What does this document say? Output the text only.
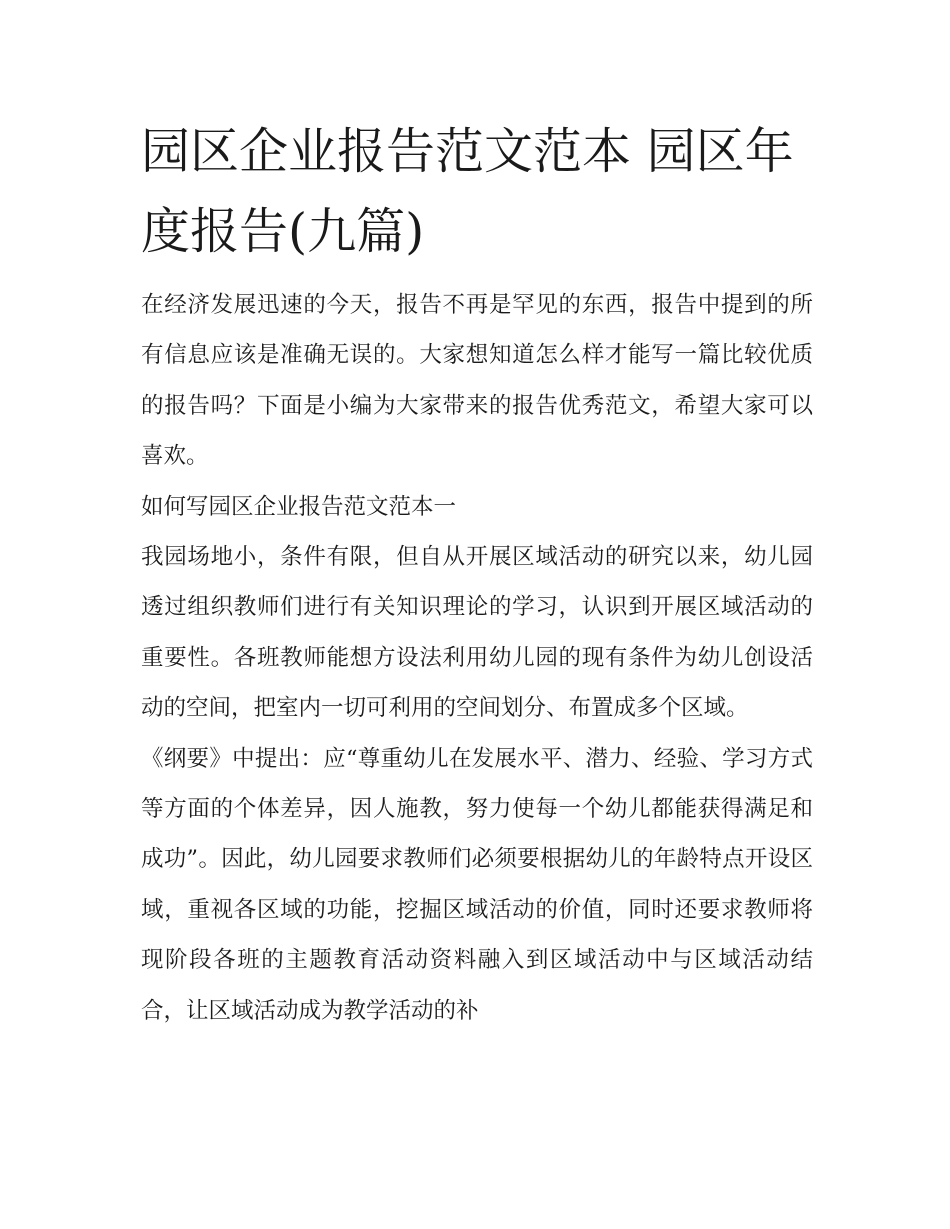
园区企业报告范文范本 园区年度报告(九篇)

在经济发展迅速的今天，报告不再是罕见的东西，报告中提到的所有信息应该是准确无误的。大家想知道怎么样才能写一篇比较优质的报告吗？下面是小编为大家带来的报告优秀范文，希望大家可以喜欢。

如何写园区企业报告范文范本一

我园场地小，条件有限，但自从开展区域活动的研究以来，幼儿园透过组织教师们进行有关知识理论的学习，认识到开展区域活动的重要性。各班教师能想方设法利用幼儿园的现有条件为幼儿创设活动的空间，把室内一切可利用的空间划分、布置成多个区域。

《纲要》中提出：应“尊重幼儿在发展水平、潜力、经验、学习方式等方面的个体差异，因人施教，努力使每一个幼儿都能获得满足和成功”。因此，幼儿园要求教师们必须要根据幼儿的年龄特点开设区域，重视各区域的功能，挖掘区域活动的价值，同时还要求教师将现阶段各班的主题教育活动资料融入到区域活动中与区域活动结合，让区域活动成为教学活动的补
